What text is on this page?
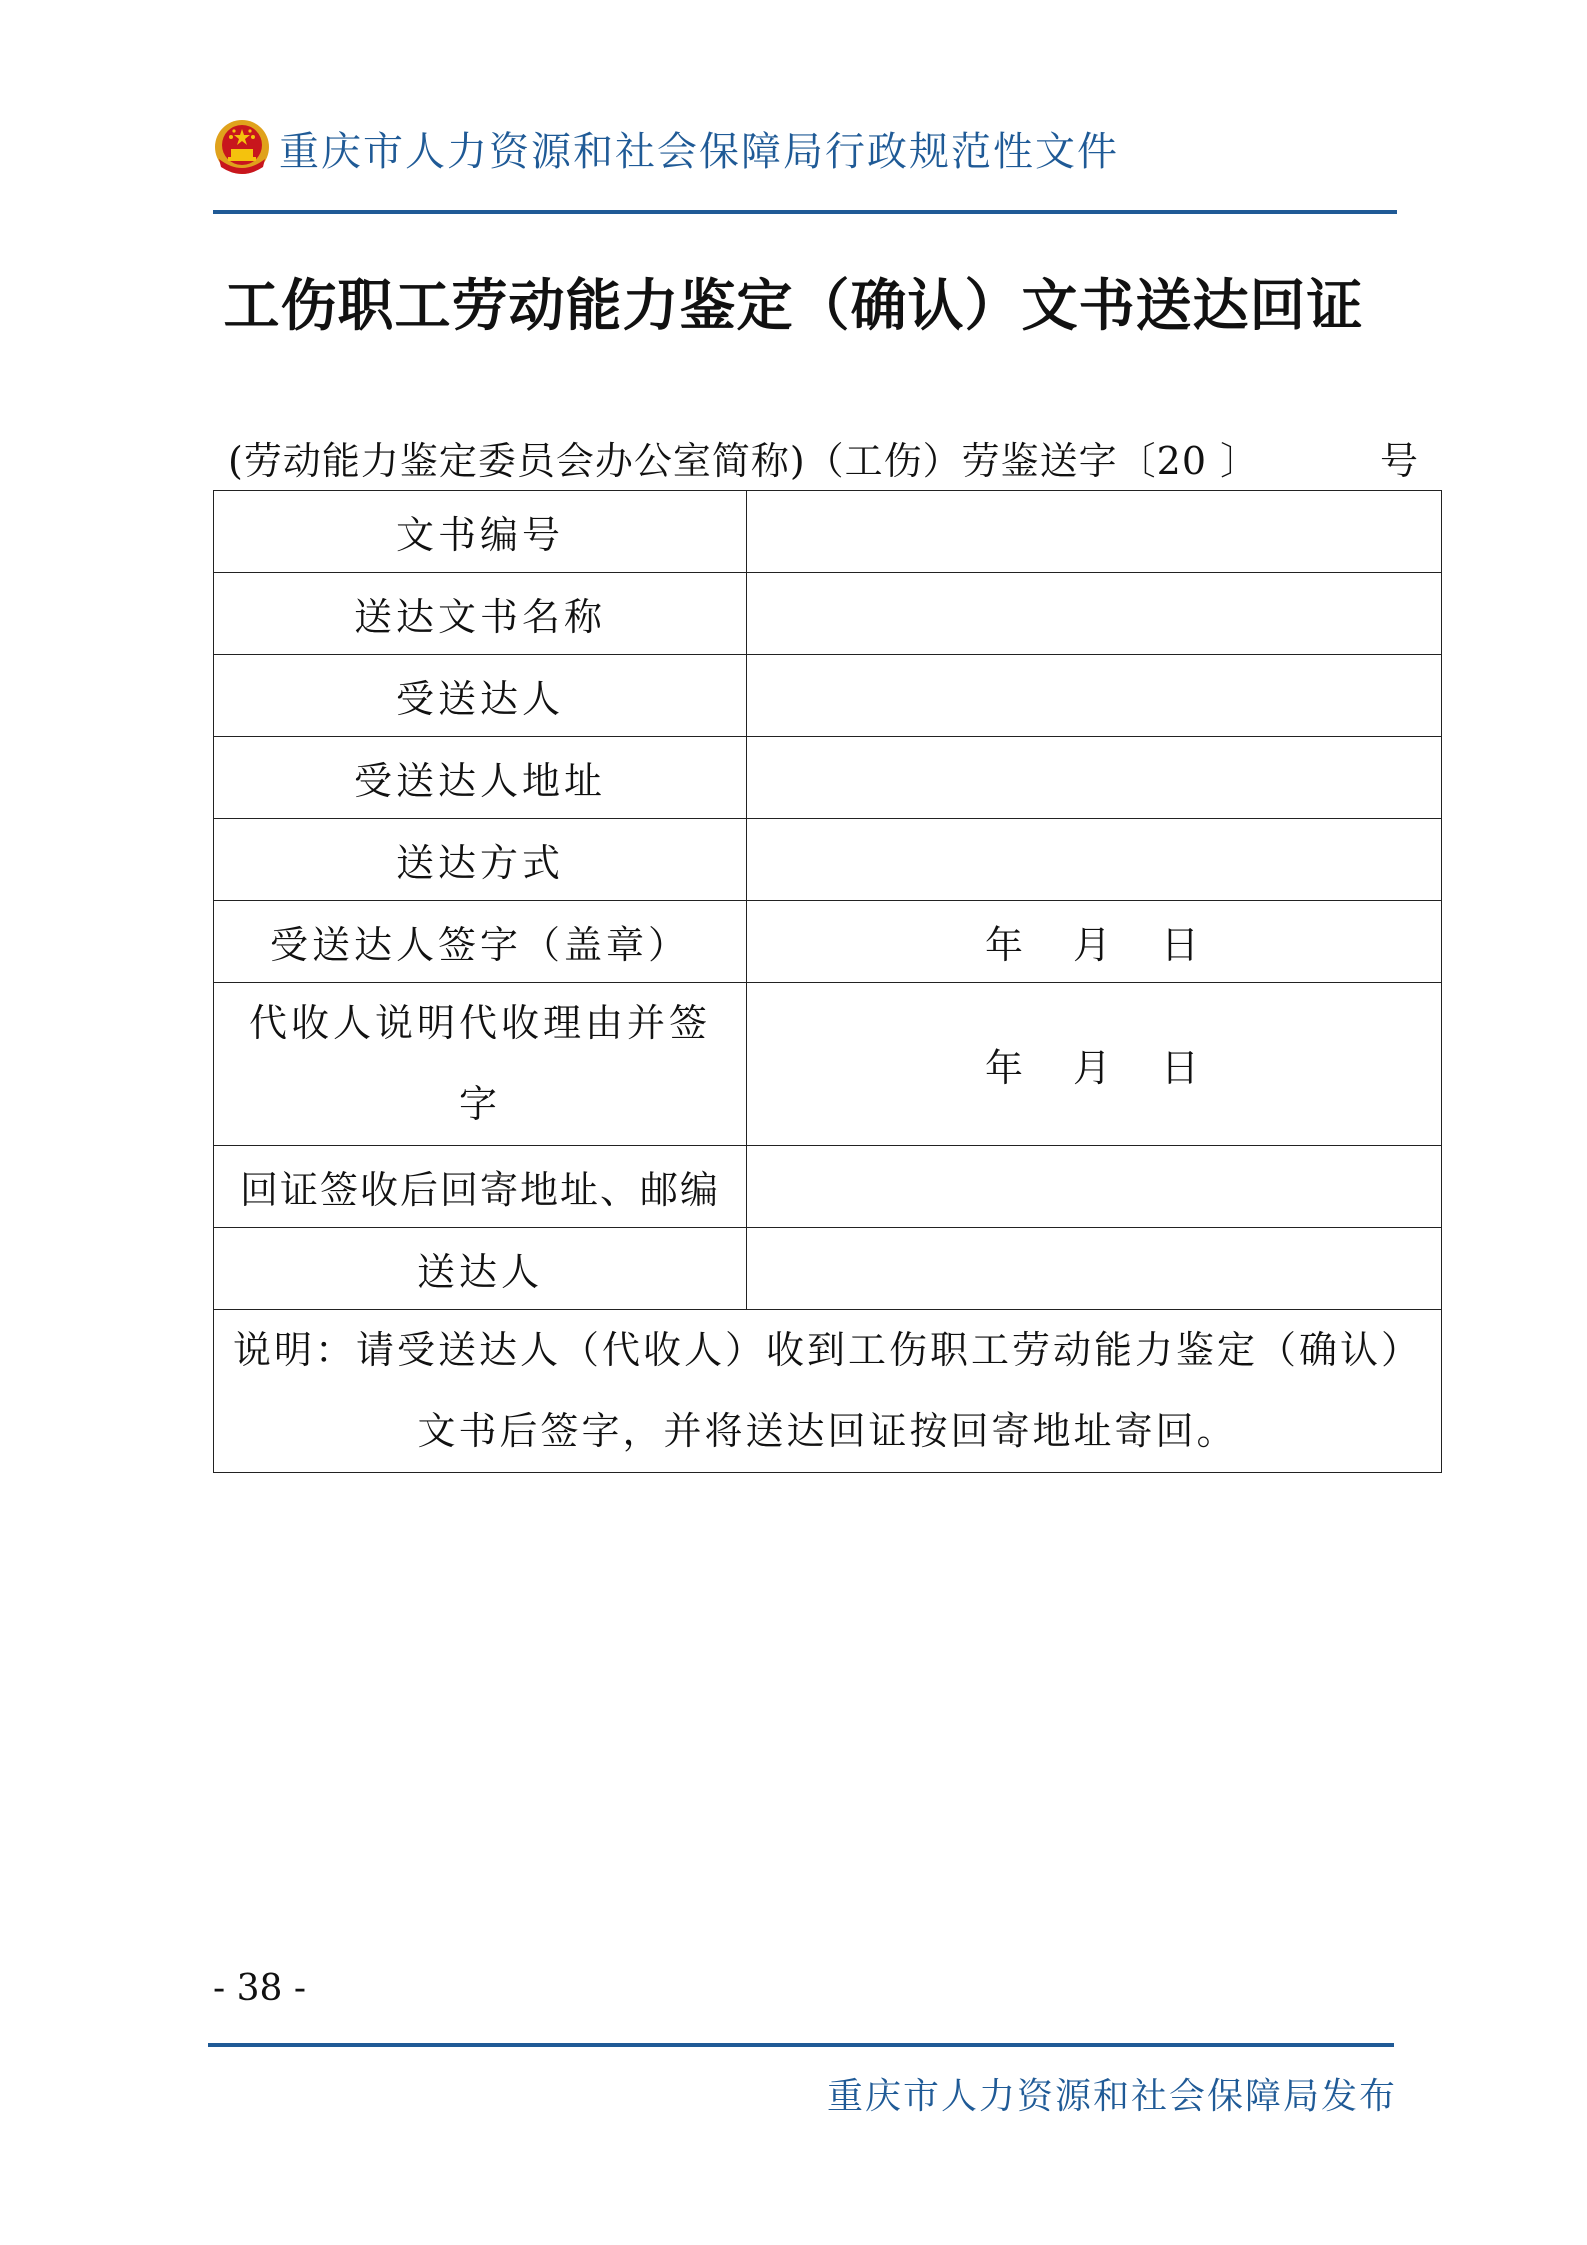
重庆市人力资源和社会保障局行政规范性文件
工伤职工劳动能力鉴定（确认）文书送达回证
(劳动能力鉴定委员会办公室简称)（工伤）劳鉴送字〔20 〕	号
文书编号	
送达文书名称	
受送达人	
受送达人地址	
送达方式	
受送达人签字（盖章）	年 月 日

代收人说明代收理由并签
字	年 月 日
回证签收后回寄地址、邮编	
送达人	

说明：请受送达人（代收人）收到工伤职工劳动能力鉴定（确认）
文书后签字，并将送达回证按回寄地址寄回。	
- 38 -
重庆市人力资源和社会保障局发布
